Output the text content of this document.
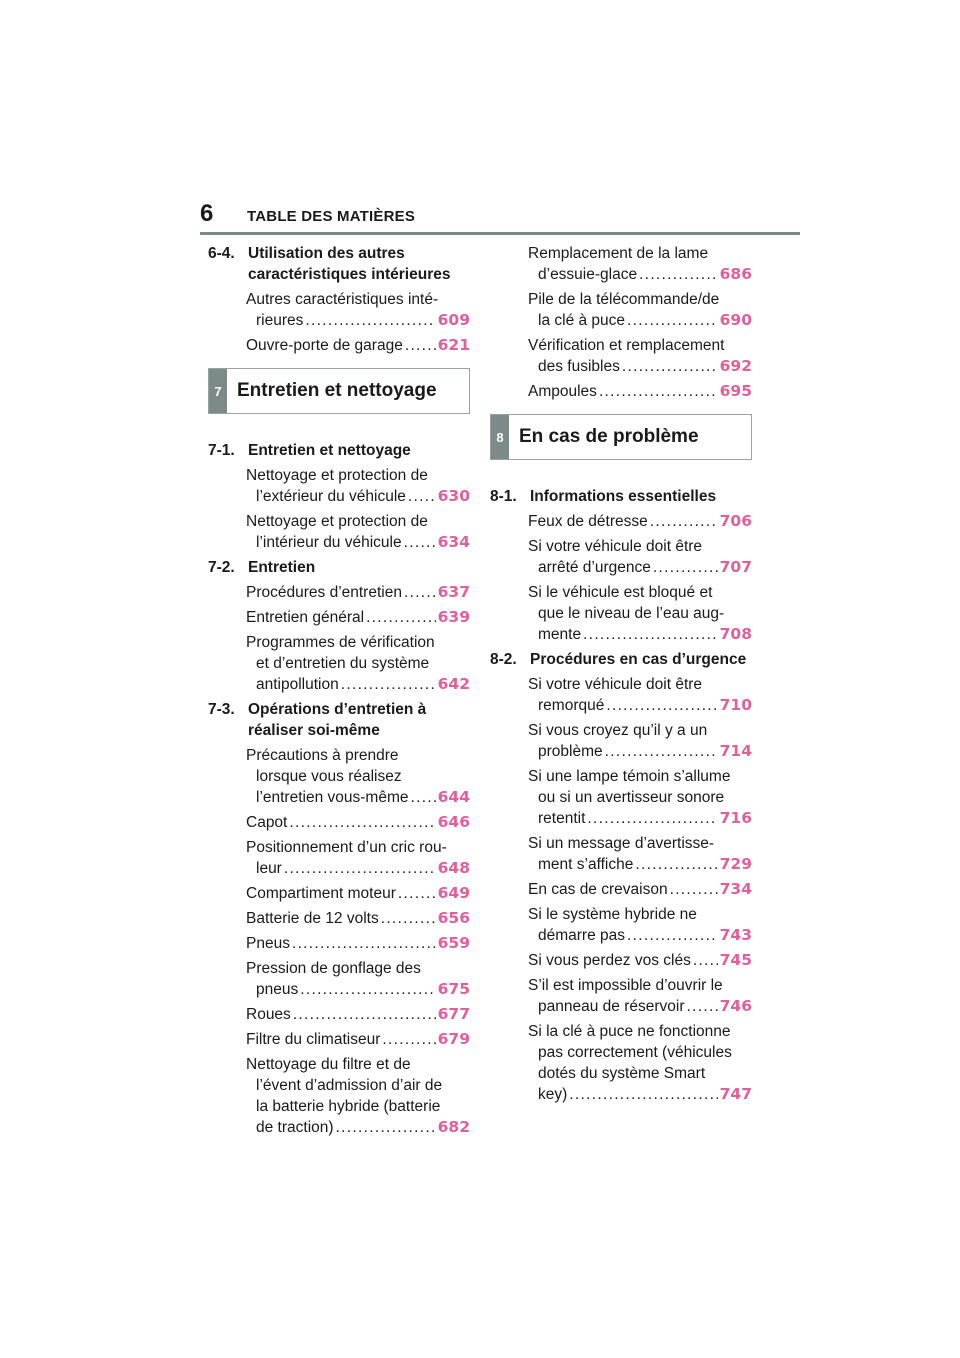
6 TABLE DES MATIÈRES
6-4. Utilisation des autres caractéristiques intérieures
Autres caractéristiques inté-
rieures . . .	609
Ouvre-porte de garage . . . 621
7 Entretien et nettoyage
7-1. Entretien et nettoyage
Nettoyage et protection de
l’extérieur du véhicule . . . 630
Nettoyage et protection de
l’intérieur du véhicule . . . 634
7-2. Entretien
Procédures d’entretien . . . 637
Entretien général . . .	639
Programmes de vérification
et d’entretien du système
antipollution . . .	642
7-3. Opérations d’entretien à réaliser soi-même
Précautions à prendre
lorsque vous réalisez
l’entretien vous-même . . . 644
Capot . . .	646
Positionnement d’un cric rou-
leur . . .	648
Compartiment moteur . . .	649
Batterie de 12 volts . . .	656
Pneus . . .	659
Pression de gonflage des
pneus . . .	675
Roues . . .	677
Filtre du climatiseur . . .	679
Nettoyage du filtre et de
l’évent d’admission d’air de
la batterie hybride (batterie
de traction) . . .	682
Remplacement de la lame
d’essuie-glace . . .	686
Pile de la télécommande/de
la clé à puce . . .	690
Vérification et remplacement
des fusibles . . .	692
Ampoules . . .	695
8 En cas de problème
8-1. Informations essentielles
Feux de détresse . . .	706
Si votre véhicule doit être
arrêté d’urgence . . .	707
Si le véhicule est bloqué et
que le niveau de l’eau aug-
mente . . .	708
8-2. Procédures en cas d’urgence
Si votre véhicule doit être
remorqué . . .	710
Si vous croyez qu’il y a un
problème . . .	714
Si une lampe témoin s’allume
ou si un avertisseur sonore
retentit . . .	716
Si un message d’avertisse-
ment s’affiche . . .	729
En cas de crevaison . . .	734
Si le système hybride ne
démarre pas . . .	743
Si vous perdez vos clés . . . 745
S’il est impossible d’ouvrir le
panneau de réservoir . . . 746
Si la clé à puce ne fonctionne
pas correctement (véhicules
dotés du système Smart
key) . . .	747
